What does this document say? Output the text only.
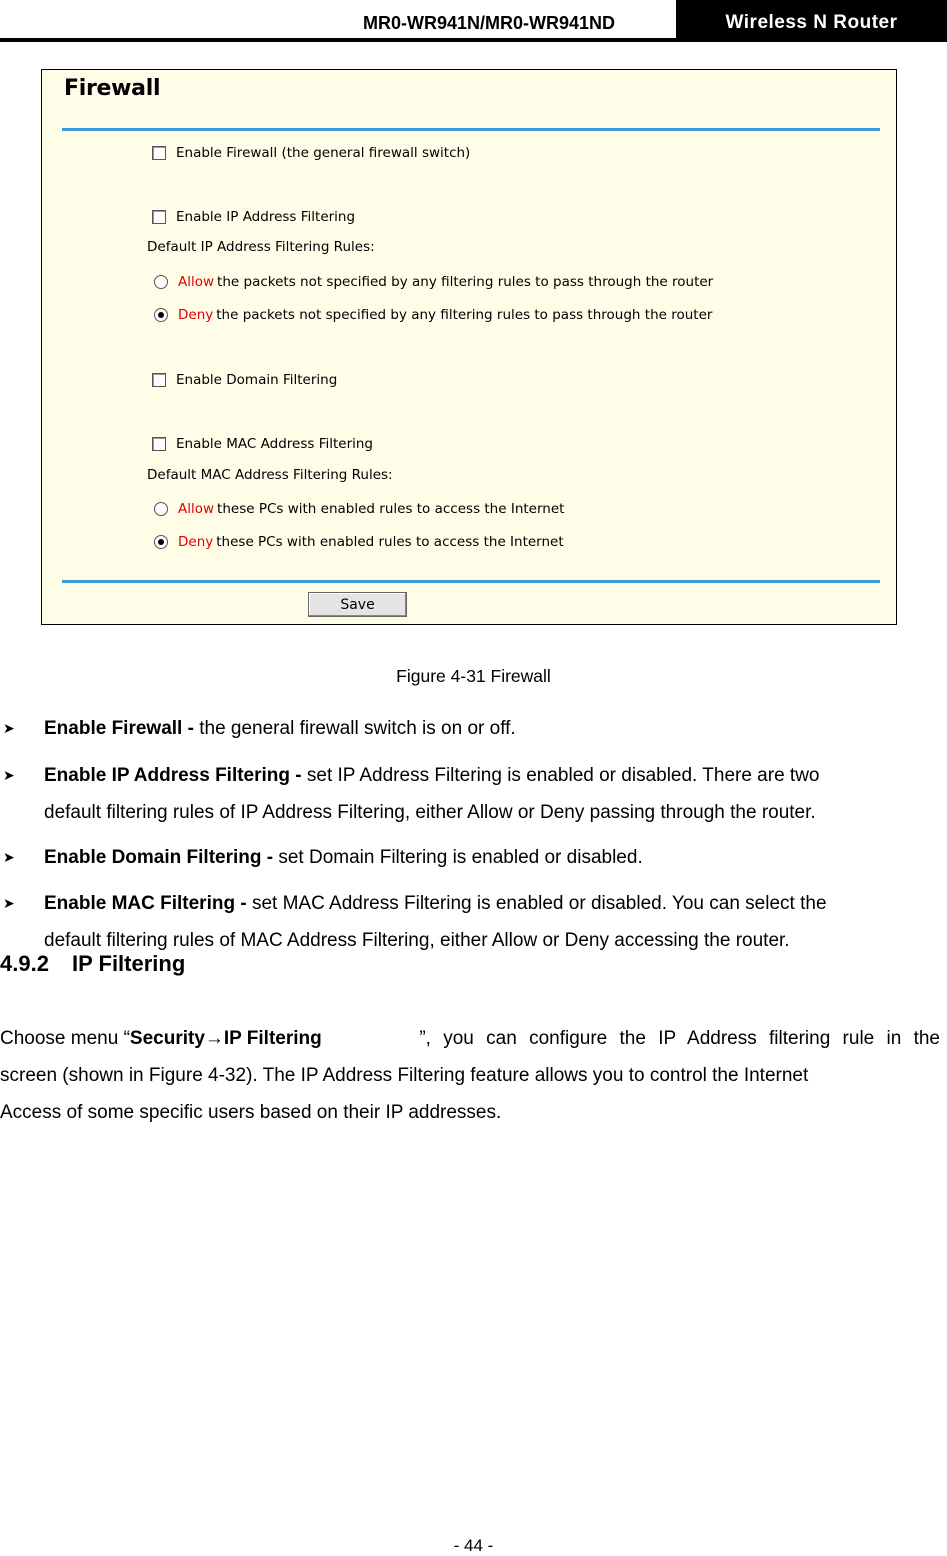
MR0-WR941N/MR0-WR941ND	Wireless N Router
Firewall
Enable Firewall (the general firewall switch)
Enable IP Address Filtering
Default IP Address Filtering Rules:
Allow the packets not specified by any filtering rules to pass through the router
Deny the packets not specified by any filtering rules to pass through the router
Enable Domain Filtering
Enable MAC Address Filtering
Default MAC Address Filtering Rules:
Allow these PCs with enabled rules to access the Internet
Deny these PCs with enabled rules to access the Internet
Save
Figure 4-31 Firewall
➤ Enable Firewall - the general firewall switch is on or off.
➤ Enable IP Address Filtering - set IP Address Filtering is enabled or disabled. There are two
default filtering rules of IP Address Filtering, either Allow or Deny passing through the router.
➤ Enable Domain Filtering - set Domain Filtering is enabled or disabled.
➤ Enable MAC Filtering - set MAC Address Filtering is enabled or disabled. You can select the
default filtering rules of MAC Address Filtering, either Allow or Deny accessing the router.
4.9.2 IP Filtering
Choose menu “Security→IP Filtering	”, you can configure the IP Address filtering rule in the
screen (shown in Figure 4-32). The IP Address Filtering feature allows you to control the Internet
Access of some specific users based on their IP addresses.
- 44 -
